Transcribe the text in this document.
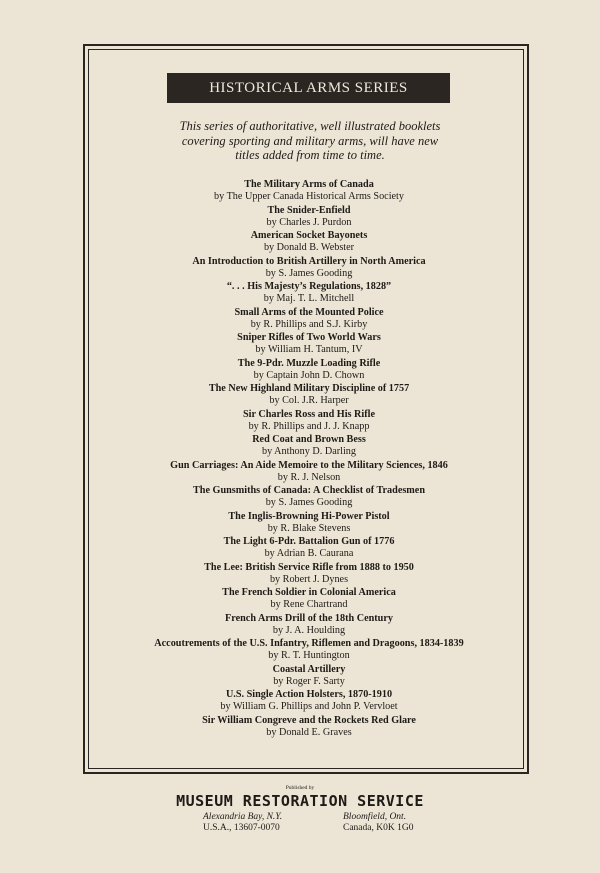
HISTORICAL ARMS SERIES
This series of authoritative, well illustrated booklets
covering sporting and military arms, will have new
titles added from time to time.
The Military Arms of Canada
by The Upper Canada Historical Arms Society
The Snider-Enfield
by Charles J. Purdon
American Socket Bayonets
by Donald B. Webster
An Introduction to British Artillery in North America
by S. James Gooding
“. . . His Majesty’s Regulations, 1828”
by Maj. T. L. Mitchell
Small Arms of the Mounted Police
by R. Phillips and S.J. Kirby
Sniper Rifles of Two World Wars
by William H. Tantum, IV
The 9-Pdr. Muzzle Loading Rifle
by Captain John D. Chown
The New Highland Military Discipline of 1757
by Col. J.R. Harper
Sir Charles Ross and His Rifle
by R. Phillips and J. J. Knapp
Red Coat and Brown Bess
by Anthony D. Darling
Gun Carriages: An Aide Memoire to the Military Sciences, 1846
by R. J. Nelson
The Gunsmiths of Canada: A Checklist of Tradesmen
by S. James Gooding
The Inglis-Browning Hi-Power Pistol
by R. Blake Stevens
The Light 6-Pdr. Battalion Gun of 1776
by Adrian B. Caurana
The Lee: British Service Rifle from 1888 to 1950
by Robert J. Dynes
The French Soldier in Colonial America
by Rene Chartrand
French Arms Drill of the 18th Century
by J. A. Houlding
Accoutrements of the U.S. Infantry, Riflemen and Dragoons, 1834-1839
by R. T. Huntington
Coastal Artillery
by Roger F. Sarty
U.S. Single Action Holsters, 1870-1910
by William G. Phillips and John P. Vervloet
Sir William Congreve and the Rockets Red Glare
by Donald E. Graves
Published by
MUSEUM RESTORATION SERVICE
Alexandria Bay, N.Y.
U.S.A., 13607-0070
Bloomfield, Ont.
Canada, K0K 1G0
